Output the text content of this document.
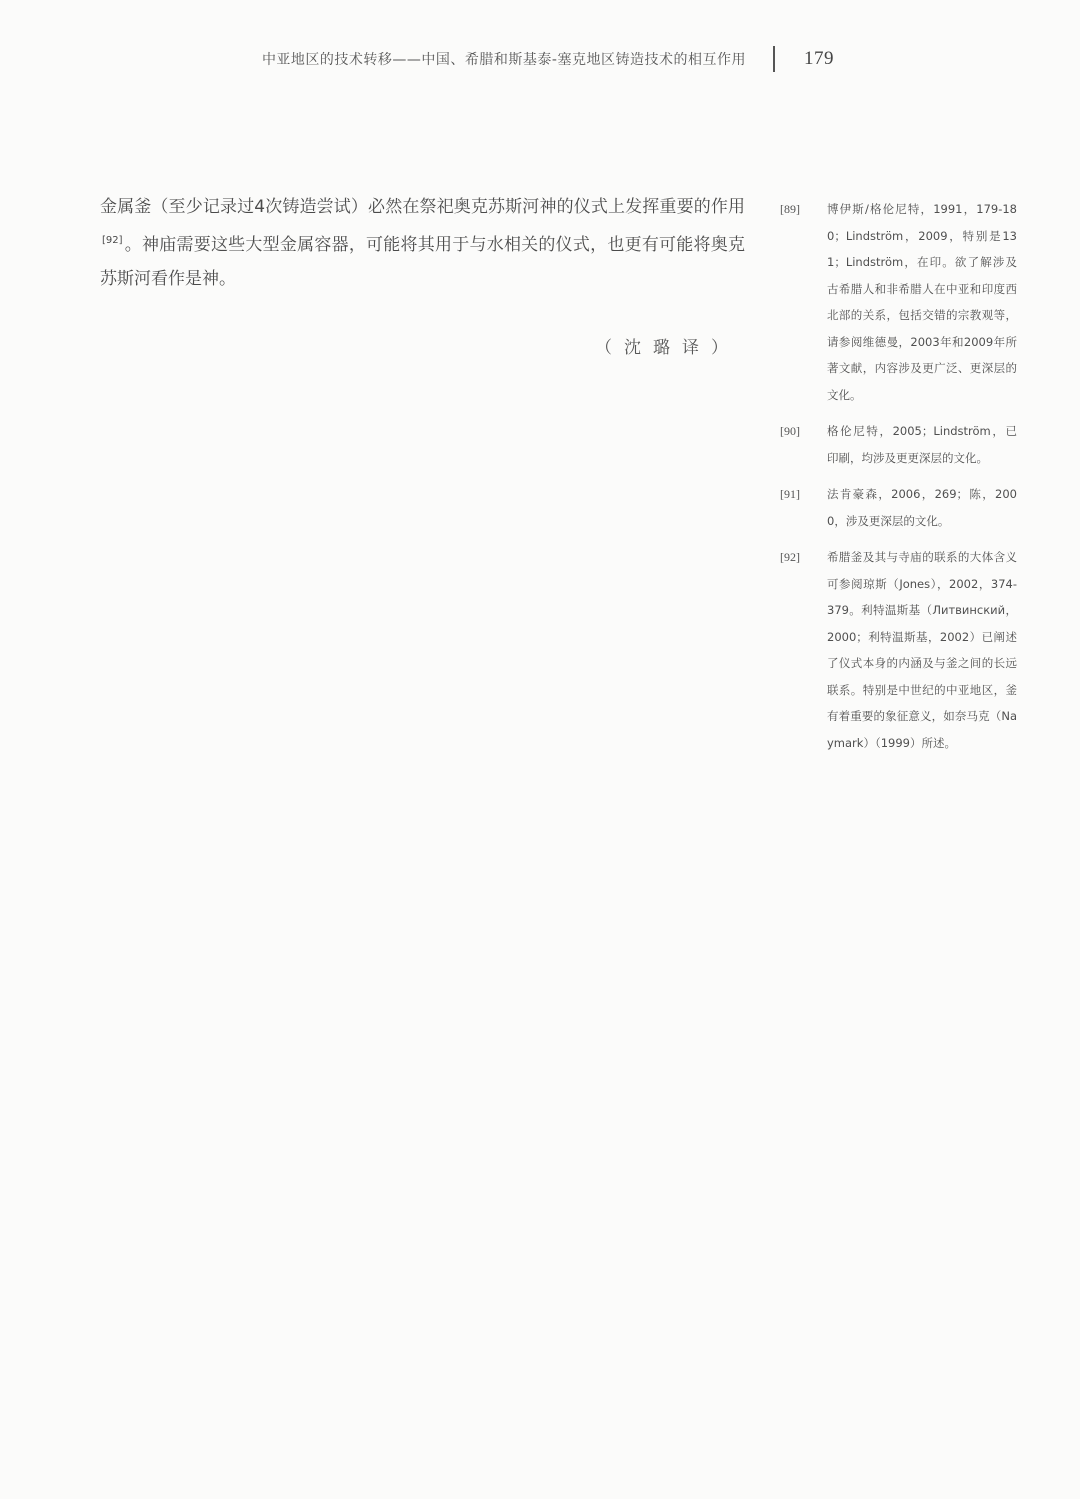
中亚地区的技术转移——中国、希腊和斯基泰-塞克地区铸造技术的相互作用	179
金属釜（至少记录过4次铸造尝试）必然在祭祀奥克苏斯河神的仪式上发挥重要的作用[92] 。神庙需要这些大型金属容器，可能将其用于与水相关的仪式，也更有可能将奥克苏斯河看作是神。
（沈璐译）
[89] 博伊斯/格伦尼特，1991，179-180；Lindström，2009，特别是131；Lindström，在印。欲了解涉及古希腊人和非希腊人在中亚和印度西北部的关系，包括交错的宗教观等，请参阅维德曼，2003年和2009年所著文献，内容涉及更广泛、更深层的文化。
[90] 格伦尼特，2005；Lindström，已印刷，均涉及更更深层的文化。
[91] 法肯豪森，2006，269；陈，2000，涉及更深层的文化。
[92] 希腊釜及其与寺庙的联系的大体含义可参阅琼斯（Jones），2002，374-379。利特温斯基（Литвинский，2000；利特温斯基，2002）已阐述了仪式本身的内涵及与釜之间的长远联系。特别是中世纪的中亚地区，釜有着重要的象征意义，如奈马克（Naymark）（1999）所述。
